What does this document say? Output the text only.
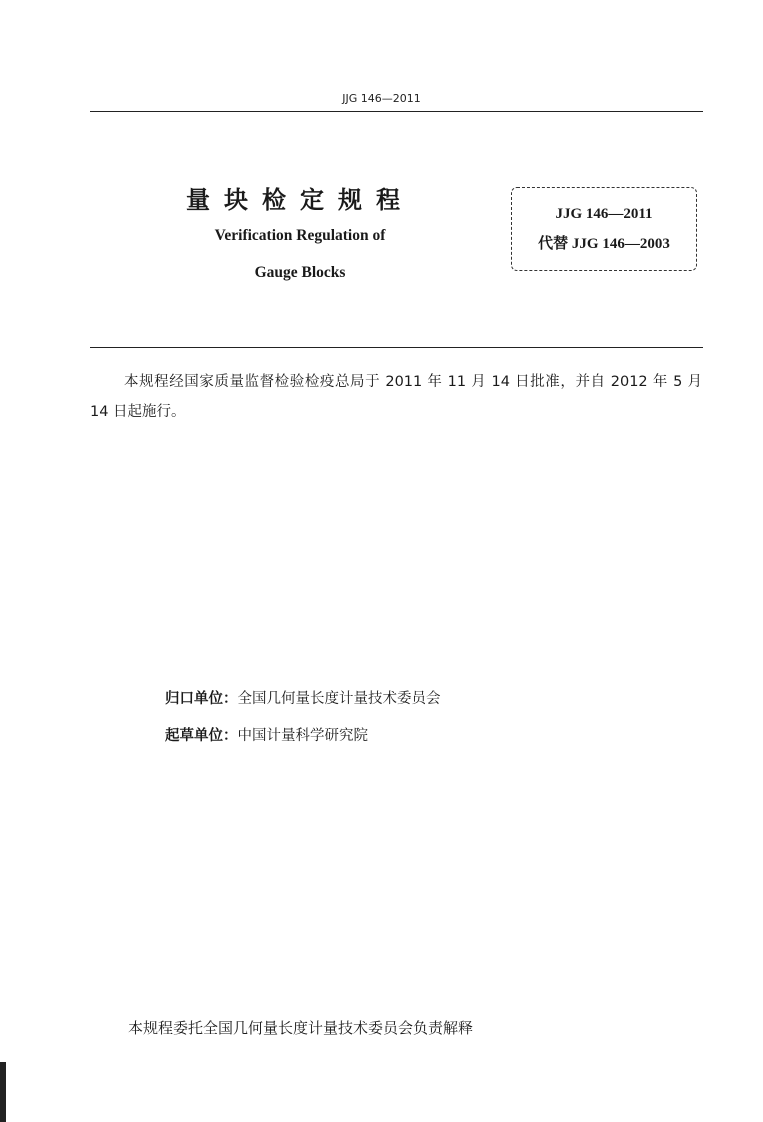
JJG 146—2011
量块检定规程
Verification Regulation of
Gauge Blocks
JJG 146—2011
代替 JJG 146—2003
本规程经国家质量监督检验检疫总局于 2011 年 11 月 14 日批准，并自 2012 年 5 月 14 日起施行。
归口单位：全国几何量长度计量技术委员会
起草单位：中国计量科学研究院
本规程委托全国几何量长度计量技术委员会负责解释
